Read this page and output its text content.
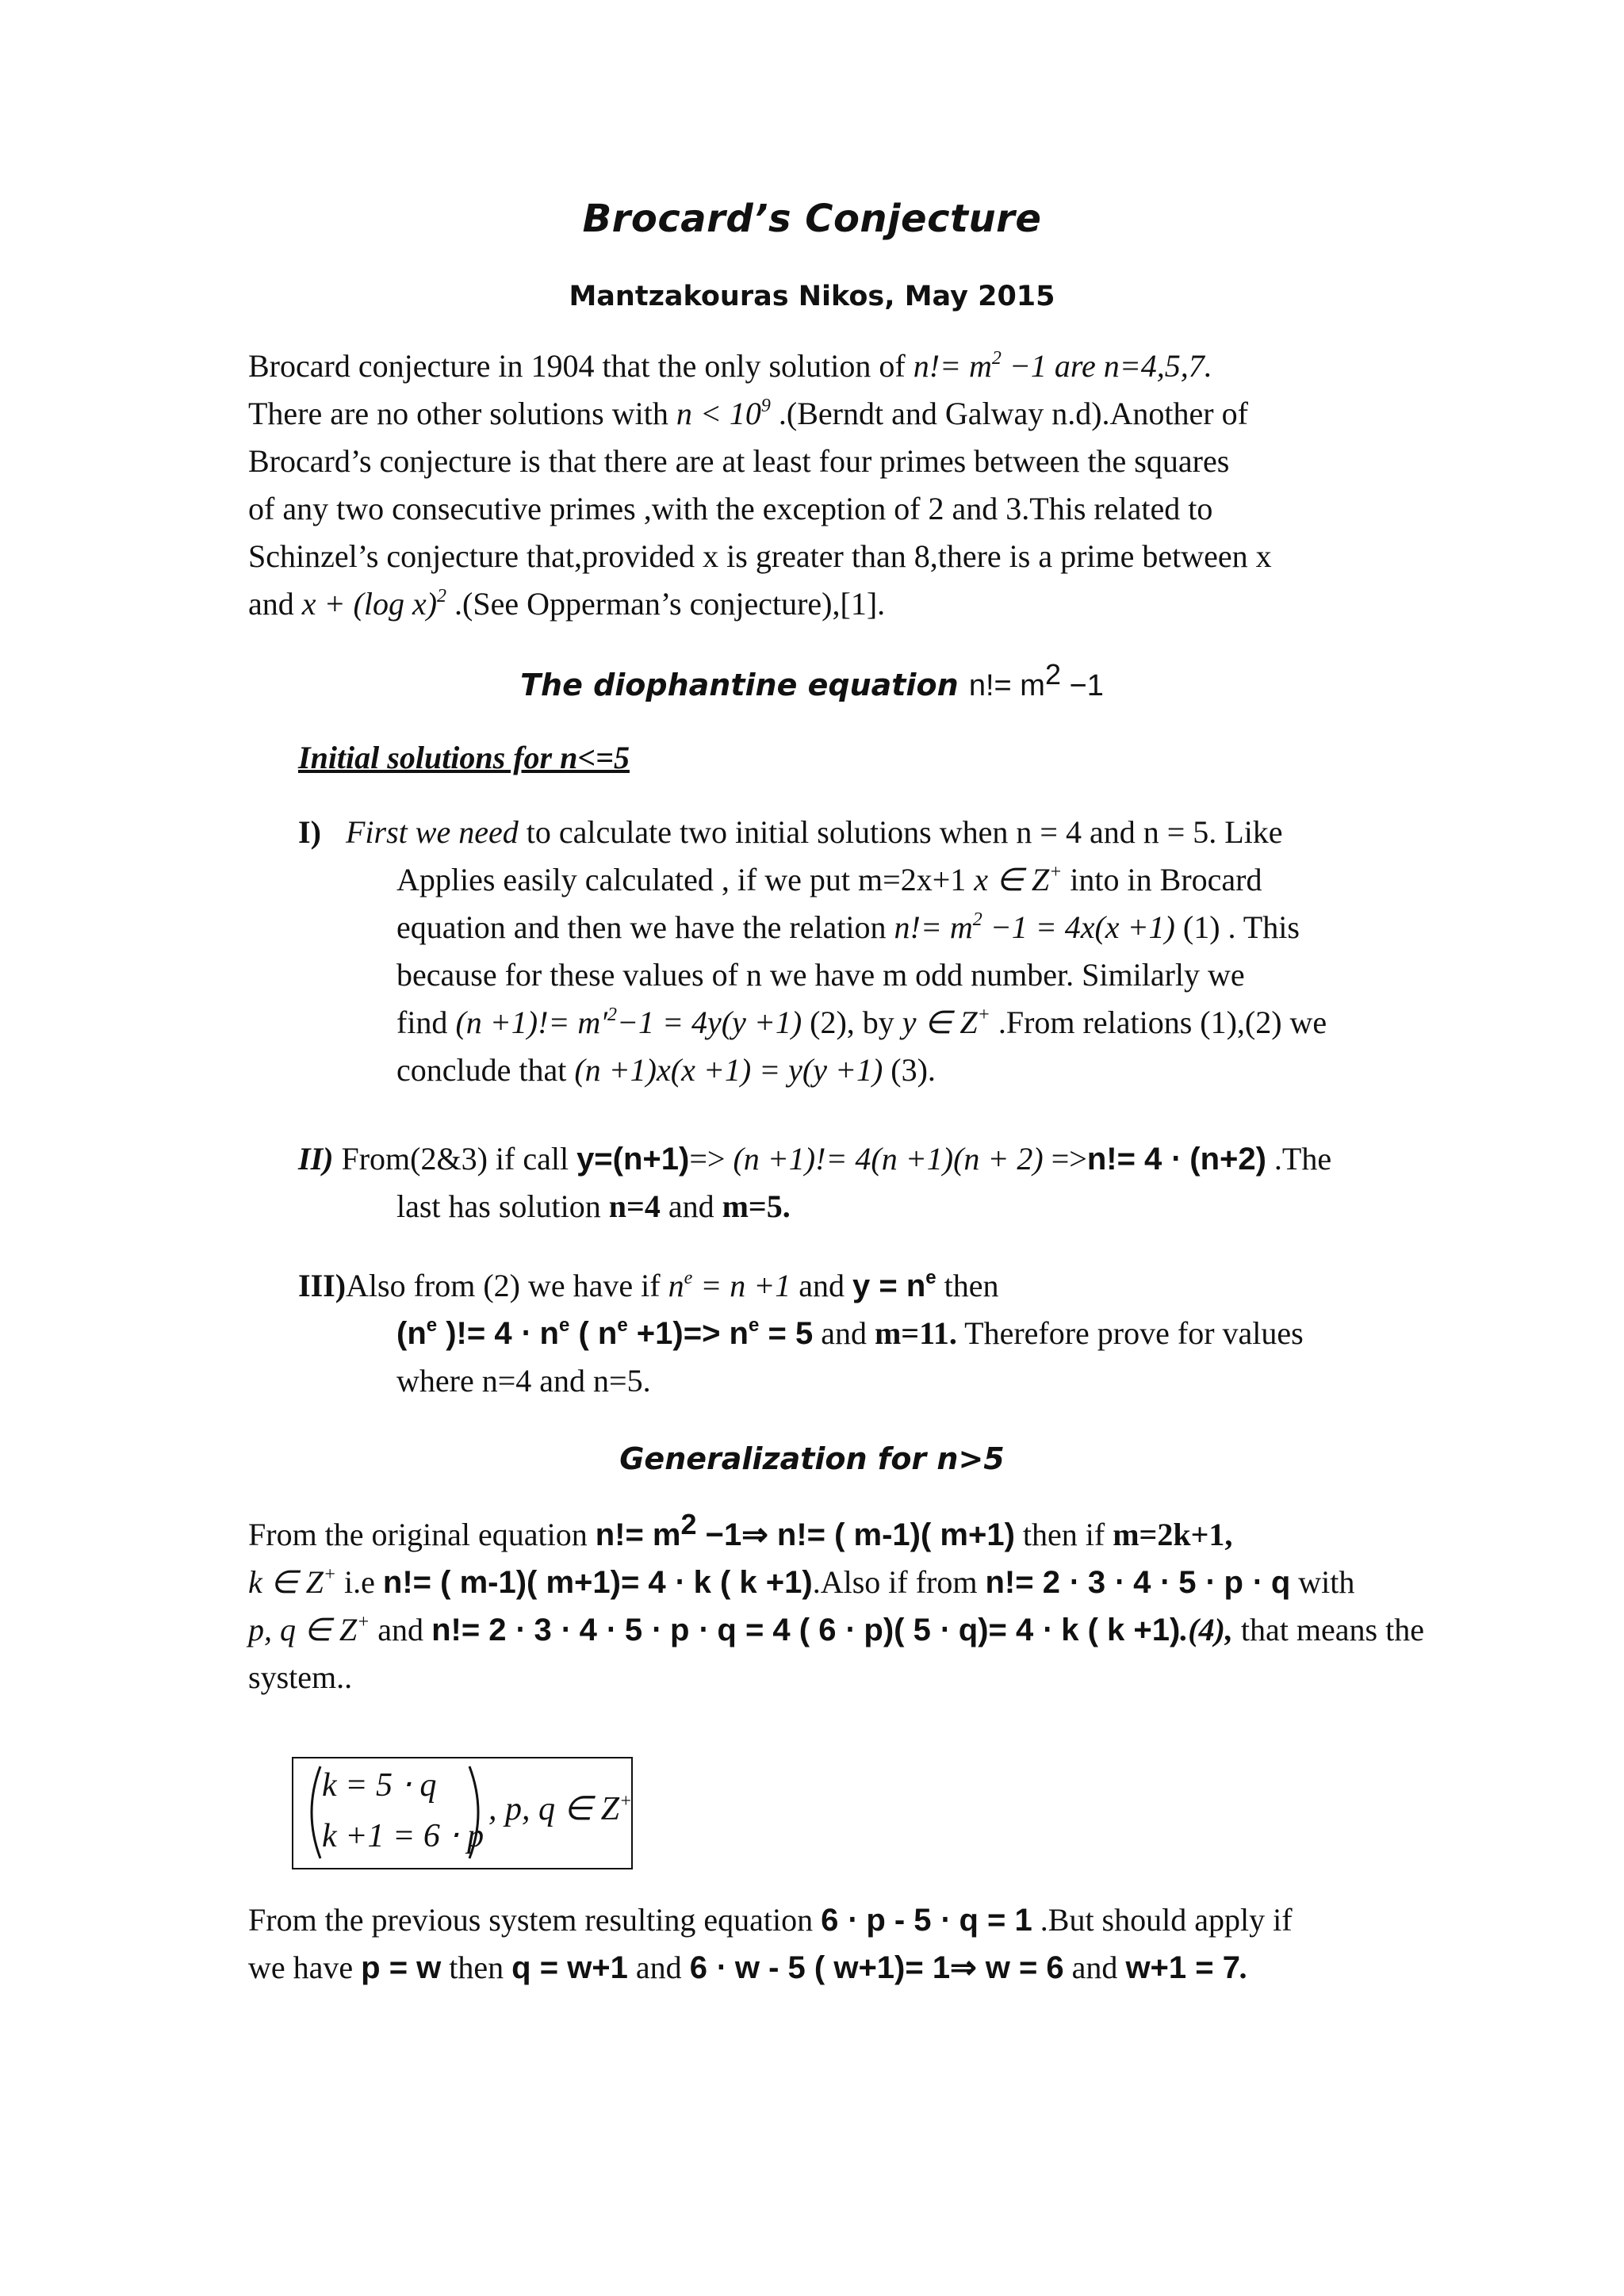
Brocard’s Conjecture
Mantzakouras Nikos, May 2015
Brocard conjecture in 1904 that the only solution of $n!= m^2 -1$ are n=4,5,7.
There are no other solutions with $n < 10^9$ .(Berndt and Galway n.d).Another of
Brocard’s conjecture is that there are at least four primes between the squares
of any two consecutive primes ,with the exception of 2 and 3.This related to
Schinzel’s conjecture that,provided x is greater than 8,there is a prime between x
and x + (log x)$^2$ .(See Opperman’s conjecture),[1].
The diophantine equation $n!= m^2 -1$
Initial solutions for n<=5
I) First we need to calculate two initial solutions when n = 4 and n = 5. Like
Applies easily calculated , if we put m=2x+1 x ∈ Z+ into in Brocard
equation and then we have the relation $n!= m^2 -1 = 4x(x +1)$ (1) . This
because for these values of n we have m odd number. Similarly we
find $(n +1)!= m'^2-1 = 4y(y +1)$ (2), by y ∈ Z+ .From relations (1),(2) we
conclude that (n +1)x(x +1) = y(y +1) (3).
II) From(2&3) if call y=(n+1)=> (n +1)!= 4(n +1)(n + 2) =>n!= 4 ⋅ (n+2) .The
last has solution n=4 and m=5.
III)Also from (2) we have if $n^e = n +1$ and $y = n^e$ then
($n^e$ )!= $4 \cdot n^e$ ( $n^e +1)=> n^e = 5$ and m=11. Therefore prove for values
where n=4 and n=5.
Generalization for n>5
From the original equation $n!= m^2$ −1⇒ n!= ( m-1)( m+1) then if m=2k+1,
k ∈ Z+ i.e n!= ( m-1)( m+1)= 4 ⋅ k ( k +1).Also if from n!= 2 ⋅ 3 ⋅ 4 ⋅ 5 ⋅ p ⋅ q with
p, q ∈ Z+ and n!= 2 ⋅ 3 ⋅ 4 ⋅ 5 ⋅ p ⋅ q = 4 ( 6 ⋅ p)( 5 ⋅ q)= 4 ⋅ k ( k +1).(4), that means the
system..
k = 5 ⋅ q
k +1 = 6 ⋅ p
, p, q ∈ Z+
From the previous system resulting equation 6 ⋅ p - 5 ⋅ q = 1 .But should apply if
we have p = w then q = w+1 and 6 ⋅ w - 5 ( w+1)= 1⇒ w = 6 and w+1 = 7.
